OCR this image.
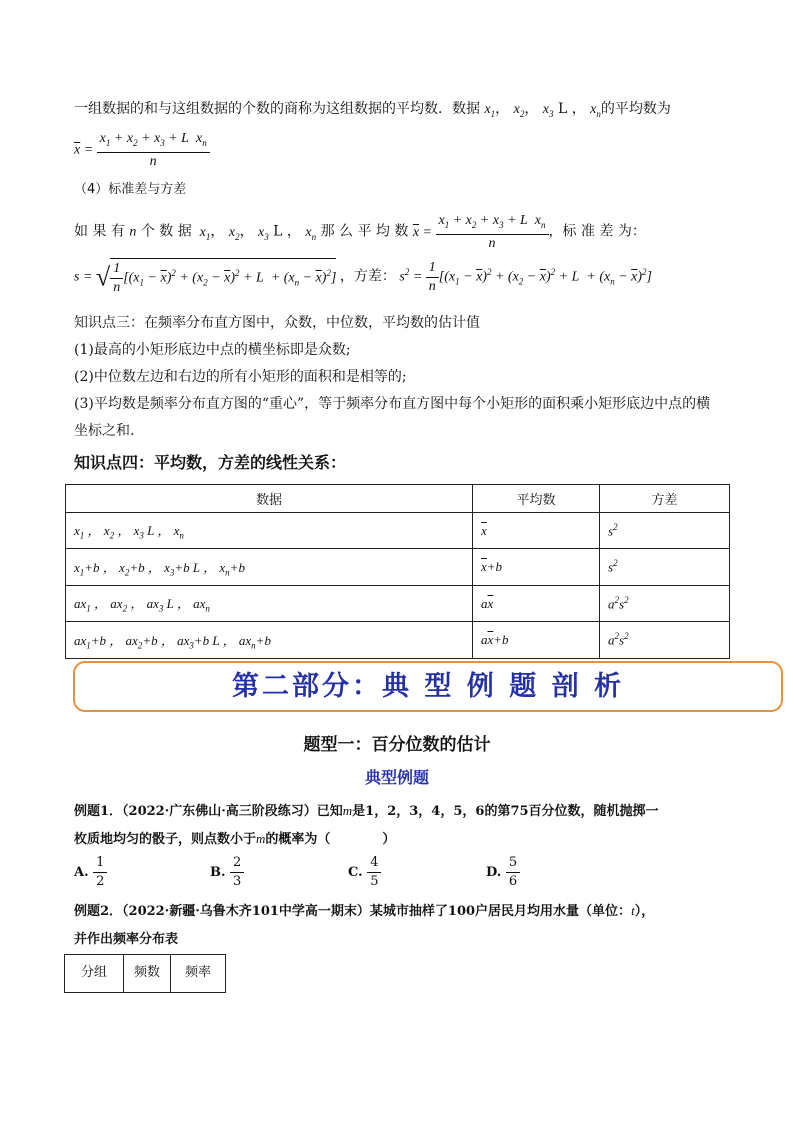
一组数据的和与这组数据的个数的商称为这组数据的平均数．数据 $x_1$， $x_2$， $x_3$ L ， $x_n$的平均数为
$\overline{x} = \frac{x_1 + x_2 + x_3 + L x_n}{n}$
（4）标准差与方差
如 果 有 n 个 数 据  $x_1$， $x_2$， $x_3$ L ， $x_n$ 那 么 平 均 数 $\overline{x} = \frac{x_1 + x_2 + x_3 + L x_n}{n}$ ，标 准 差 为：
s = √ $\frac{1}{n} [(x_1 - \overline{x})^2 + (x_2 - \overline{x})^2 + L + (x_n - \overline{x})^2]$ ，方差： $s^2 = \frac{1}{n} [(x_1 - \overline{x})^2 + (x_2 - \overline{x})^2 + L + (x_n - \overline{x})^2]$
知识点三：在频率分布直方图中，众数，中位数，平均数的估计值
(1)最高的小矩形底边中点的横坐标即是众数;
(2)中位数左边和右边的所有小矩形的面积和是相等的;
(3)平均数是频率分布直方图的“重心”，等于频率分布直方图中每个小矩形的面积乘小矩形底边中点的横
坐标之和.
知识点四：平均数，方差的线性关系：
数据	平均数	方差
$x_1$ ， $x_2$ ， $x_3$ L ， $x_n$	$\overline{x}$	$s^2$
$x_1+b$ ， $x_2+b$ ， $x_3+b$ L ， $x_n+b$	$\overline{x}+b$	$s^2$
$ax_1$ ， $ax_2$ ， $ax_3$ L ， $ax_n$	$a\overline{x}$	$a^2s^2$
$ax_1+b$ ， $ax_2+b$ ， $ax_3+b$ L ， $ax_n+b$	$a\overline{x}+b$	$a^2s^2$
第二部分：典 型 例 题 剖 析
题型一：百分位数的估计
典型例题
例题1．（2022·广东佛山·高三阶段练习）已知m是1，2，3，4，5，6的第75百分位数，随机抛掷一
枚质地均匀的骰子，则点数小于m的概率为（　　　　）
A. $\frac{1}{2}$	B. $\frac{2}{3}$	C. $\frac{4}{5}$	D. $\frac{5}{6}$
例题2．（2022·新疆·乌鲁木齐101中学高一期末）某城市抽样了100户居民月均用水量（单位：t），
并作出频率分布表
分组	频数	频率
